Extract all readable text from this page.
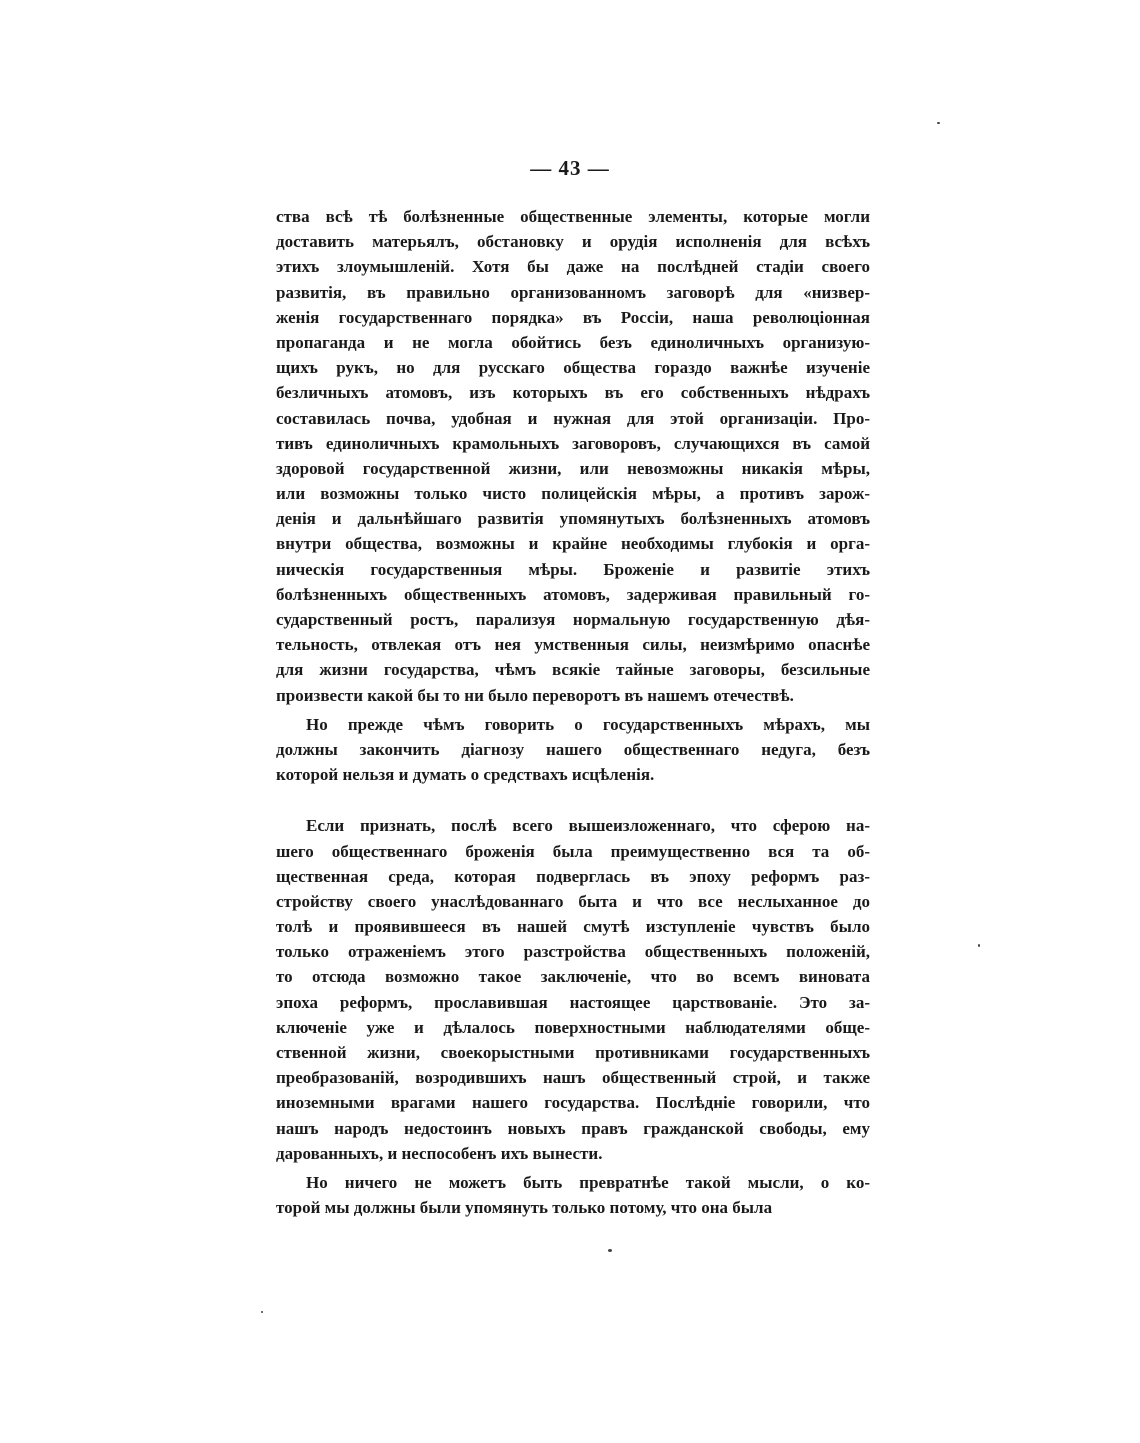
— 43 —
ства всѣ тѣ болѣзненные общественные элементы, которые могли
доставить матерьялъ, обстановку и орудія исполненія для всѣхъ
этихъ злоумышленій. Хотя бы даже на послѣдней стадіи своего
развитія, въ правильно организованномъ заговорѣ для «низвер-
женія государственнаго порядка» въ Россіи, наша революціонная
пропаганда и не могла обойтись безъ единоличныхъ организую-
щихъ рукъ, но для русскаго общества гораздо важнѣе изученіе
безличныхъ атомовъ, изъ которыхъ въ его собственныхъ нѣдрахъ
составилась почва, удобная и нужная для этой организаціи. Про-
тивъ единоличныхъ крамольныхъ заговоровъ, случающихся въ самой
здоровой государственной жизни, или невозможны никакія мѣры,
или возможны только чисто полицейскія мѣры, а противъ зарож-
денія и дальнѣйшаго развитія упомянутыхъ болѣзненныхъ атомовъ
внутри общества, возможны и крайне необходимы глубокія и орга-
ническія государственныя мѣры. Броженіе и развитіе этихъ
болѣзненныхъ общественныхъ атомовъ, задерживая правильный го-
сударственный ростъ, парализуя нормальную государственную дѣя-
тельность, отвлекая отъ нея умственныя силы, неизмѣримо опаснѣе
для жизни государства, чѣмъ всякіе тайные заговоры, безсильные
произвести какой бы то ни было переворотъ въ нашемъ отечествѣ.
Но прежде чѣмъ говорить о государственныхъ мѣрахъ, мы
должны закончить діагнозу нашего общественнаго недуга, безъ
которой нельзя и думать о средствахъ исцѣленія.
Если признать, послѣ всего вышеизложеннаго, что сферою на-
шего общественнаго броженія была преимущественно вся та об-
щественная среда, которая подверглась въ эпоху реформъ раз-
стройству своего унаслѣдованнаго быта и что все неслыханное до
толѣ и проявившееся въ нашей смутѣ изступленіе чувствъ было
только отраженіемъ этого разстройства общественныхъ положеній,
то отсюда возможно такое заключеніе, что во всемъ виновата
эпоха реформъ, прославившая настоящее царствованіе. Это за-
ключеніе уже и дѣлалось поверхностными наблюдателями обще-
ственной жизни, своекорыстными противниками государственныхъ
преобразованій, возродившихъ нашъ общественный строй, и также
иноземными врагами нашего государства. Послѣдніе говорили, что
нашъ народъ недостоинъ новыхъ правъ гражданской свободы, ему
дарованныхъ, и неспособенъ ихъ вынести.
Но ничего не можетъ быть превратнѣе такой мысли, о ко-
торой мы должны были упомянуть только потому, что она была
